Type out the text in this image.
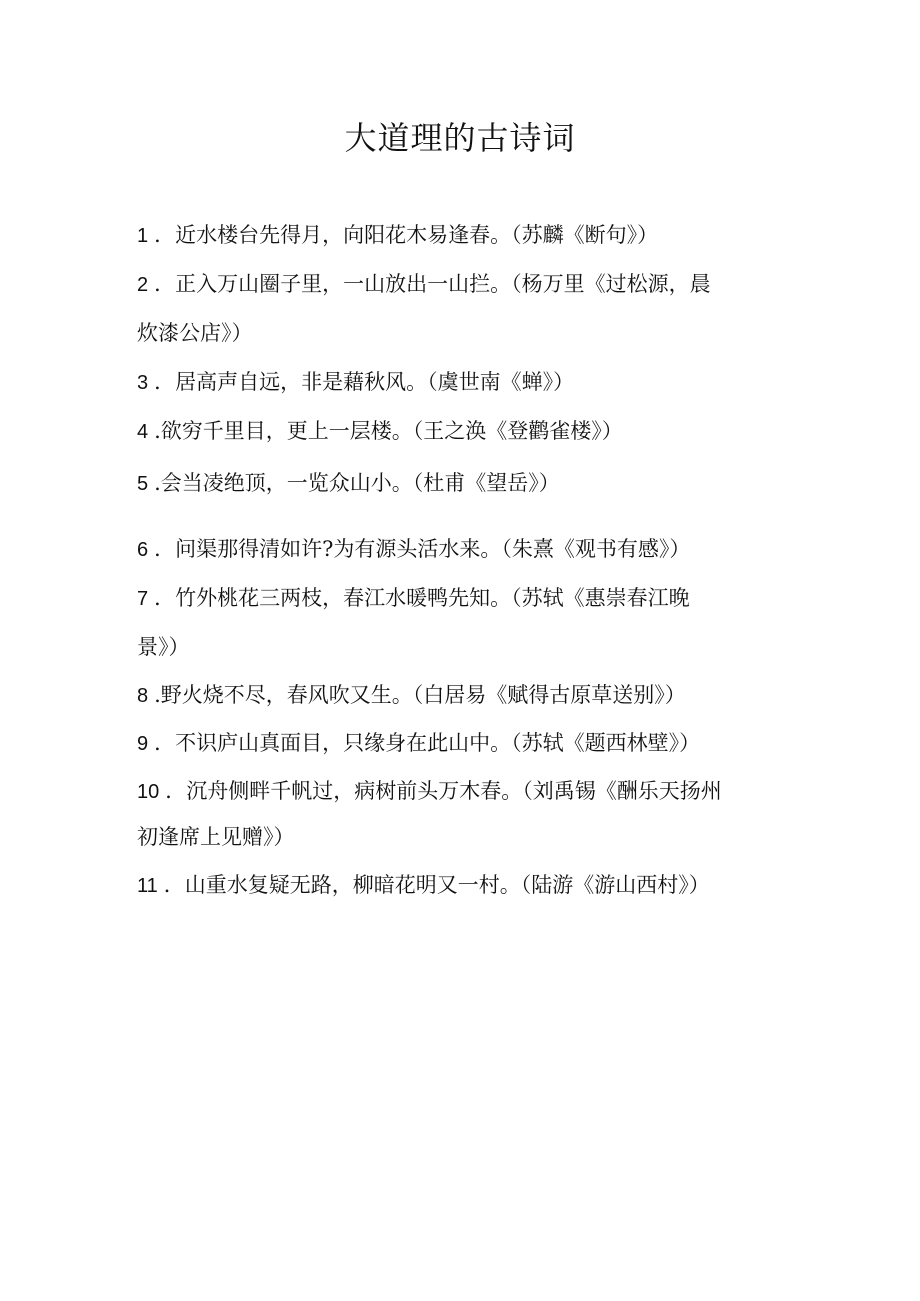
大道理的古诗词
1 ．近水楼台先得月，向阳花木易逢春。（苏麟《断句》）
2 ．正入万山圈子里，一山放出一山拦。（杨万里《过松源，晨
炊漆公店》）
3 ．居高声自远，非是藉秋风。（虞世南《蝉》）
4 .欲穷千里目，更上一层楼。（王之涣《登鹳雀楼》）
5 .会当凌绝顶，一览众山小。（杜甫《望岳》）
6 ．问渠那得清如许?为有源头活水来。（朱熹《观书有感》）
7 ．竹外桃花三两枝，春江水暖鸭先知。（苏轼《惠崇春江晚
景》）
8 .野火烧不尽，春风吹又生。（白居易《赋得古原草送别》）
9 ．不识庐山真面目，只缘身在此山中。（苏轼《题西林壁》）
10 ．沉舟侧畔千帆过，病树前头万木春。（刘禹锡《酬乐天扬州
初逢席上见赠》）
11 ．山重水复疑无路，柳暗花明又一村。（陆游《游山西村》）
